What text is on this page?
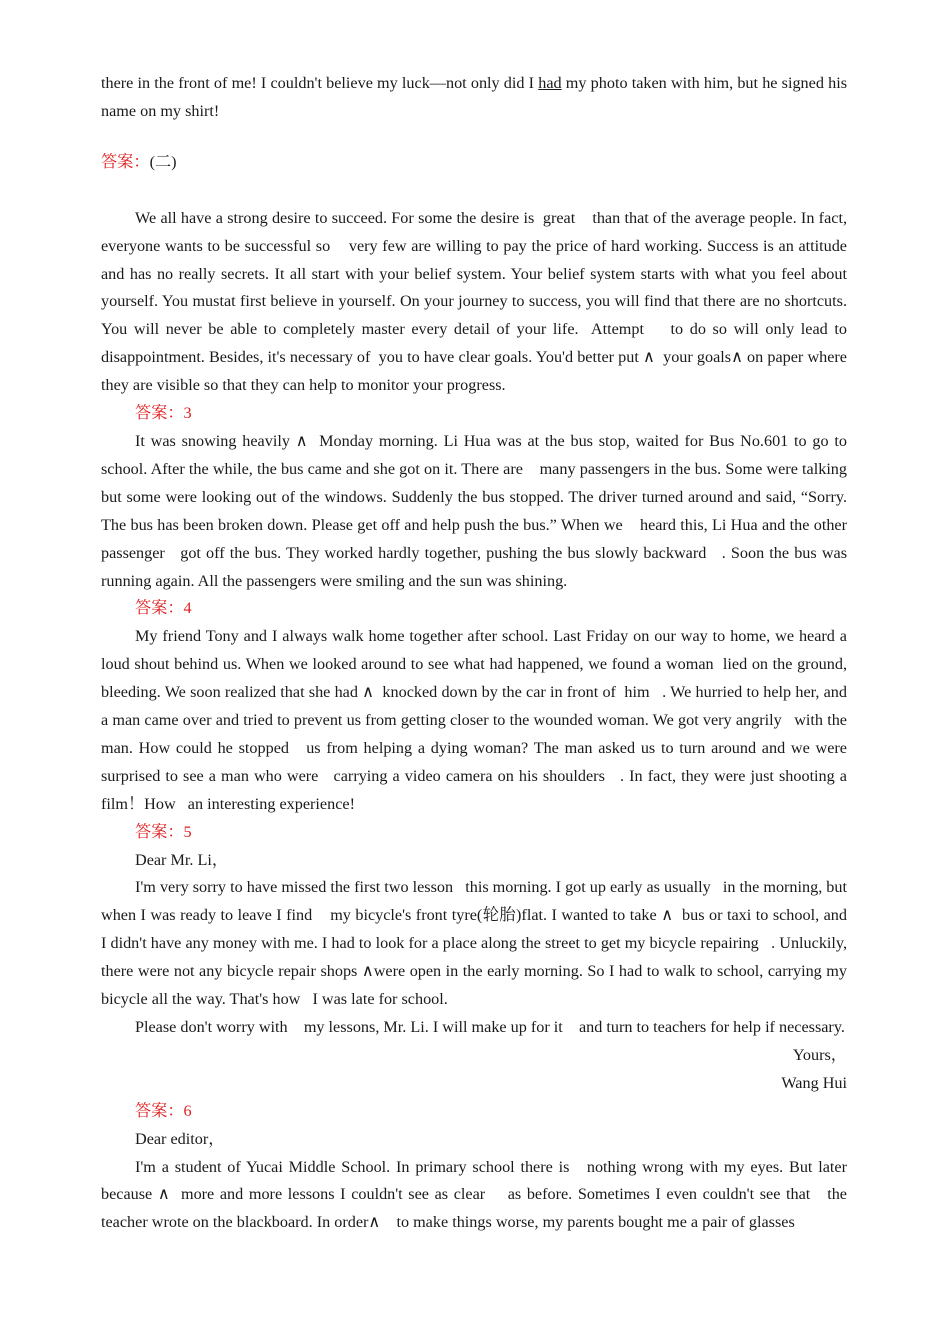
there in the front of me! I couldn't believe my luck—not only did I had my photo taken with him, but he signed his name on my shirt!

答案：(二)

We all have a strong desire to succeed. For some the desire is  great    than that of the average people. In fact, everyone wants to be successful so    very few are willing to pay the price of hard working. Success is an attitude and has no really secrets. It all start with your belief system. Your belief system starts with what you feel about yourself. You mustat first believe in yourself. On your journey to success, you will find that there are no shortcuts. You will never be able to completely master every detail of your life.  Attempt    to do so will only lead to disappointment. Besides, it's necessary of  you to have clear goals. You'd better put ∧  your goals∧ on paper where they are visible so that they can help to monitor your progress.

答案：3

It was snowing heavily ∧  Monday morning. Li Hua was at the bus stop, waited for Bus No.601 to go to school. After the while, the bus came and she got on it. There are    many passengers in the bus. Some were talking but some were looking out of the windows. Suddenly the bus stopped. The driver turned around and said, “Sorry. The bus has been broken down. Please get off and help push the bus.” When we    heard this, Li Hua and the other passenger   got off the bus. They worked hardly together, pushing the bus slowly backward   . Soon the bus was running again. All the passengers were smiling and the sun was shining.

答案：4

My friend Tony and I always walk home together after school. Last Friday on our way to home, we heard a loud shout behind us. When we looked around to see what had happened, we found a woman  lied on the ground, bleeding. We soon realized that she had ∧  knocked down by the car in front of  him   . We hurried to help her, and    a man came over and tried to prevent us from getting closer to the wounded woman. We got very angrily   with the man. How could he stopped   us from helping a dying woman? The man asked us to turn around and we were surprised to see a man who were   carrying a video camera on his shoulders   . In fact, they were just shooting a film！How   an interesting experience!

答案：5

Dear Mr. Li，

I'm very sorry to have missed the first two lesson   this morning. I got up early as usually   in the morning, but when I was ready to leave I find    my bicycle's front tyre(轮胎)flat. I wanted to take ∧  bus or taxi to school, and     I didn't have any money with me. I had to look for a place along the street to get my bicycle repairing   . Unluckily, there were not any bicycle repair shops ∧were open in the early morning. So I had to walk to school, carrying my bicycle all the way. That's how   I was late for school.

Please don't worry with    my lessons, Mr. Li. I will make up for it    and turn to teachers for help if necessary.

Yours，

Wang Hui

答案：6

Dear editor，

I'm a student of Yucai Middle School. In primary school there is   nothing wrong with my eyes. But later because ∧  more and more lessons I couldn't see as clear    as before. Sometimes I even couldn't see that   the teacher wrote on the blackboard. In order∧    to make things worse, my parents bought me a pair of glasses
